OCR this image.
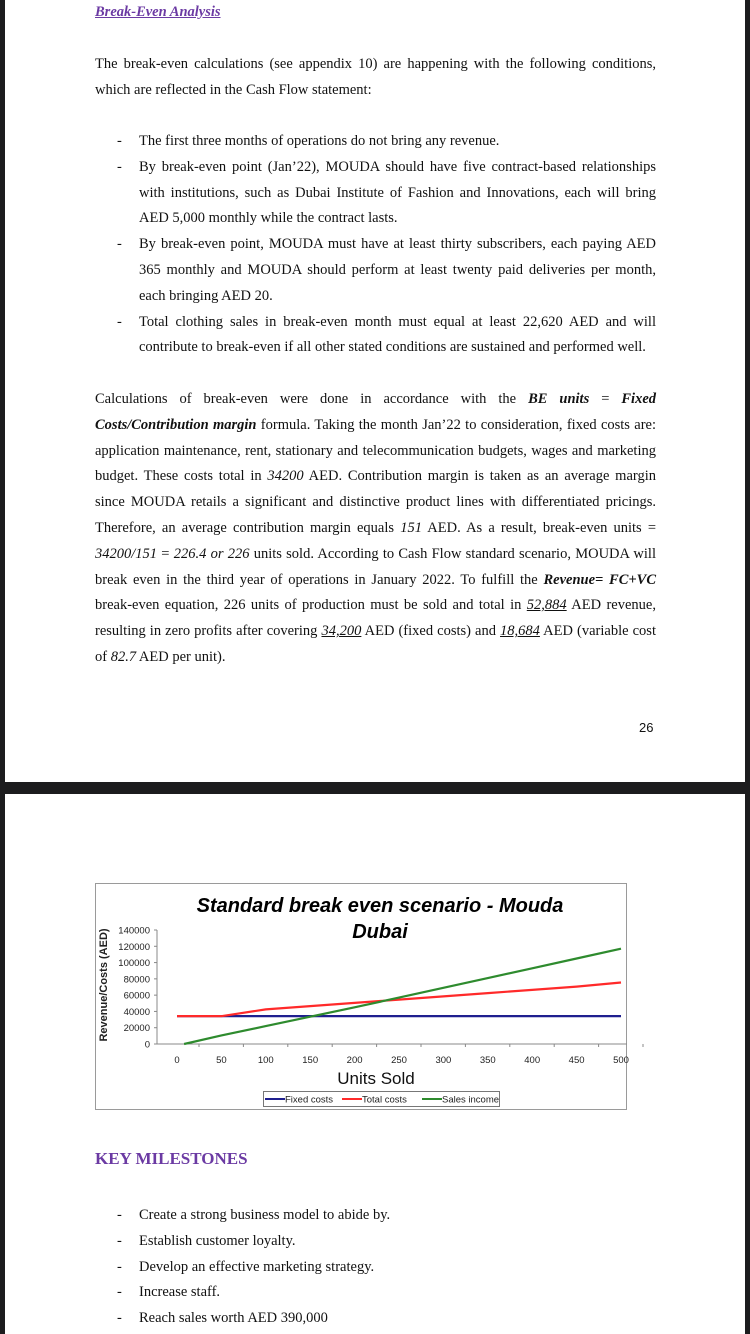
Break-Even Analysis
The break-even calculations (see appendix 10) are happening with the following conditions, which are reflected in the Cash Flow statement:
- The first three months of operations do not bring any revenue.
- By break-even point (Jan’22), MOUDA should have five contract-based relationships with institutions, such as Dubai Institute of Fashion and Innovations, each will bring AED 5,000 monthly while the contract lasts.
- By break-even point, MOUDA must have at least thirty subscribers, each paying AED 365 monthly and MOUDA should perform at least twenty paid deliveries per month, each bringing AED 20.
- Total clothing sales in break-even month must equal at least 22,620 AED and will contribute to break-even if all other stated conditions are sustained and performed well.
Calculations of break-even were done in accordance with the BE units = Fixed Costs/Contribution margin formula. Taking the month Jan’22 to consideration, fixed costs are: application maintenance, rent, stationary and telecommunication budgets, wages and marketing budget. These costs total in 34200 AED. Contribution margin is taken as an average margin since MOUDA retails a significant and distinctive product lines with differentiated pricings. Therefore, an average contribution margin equals 151 AED. As a result, break-even units = 34200/151 = 226.4 or 226 units sold. According to Cash Flow standard scenario, MOUDA will break even in the third year of operations in January 2022. To fulfill the Revenue= FC+VC break-even equation, 226 units of production must be sold and total in 52,884 AED revenue, resulting in zero profits after covering 34,200 AED (fixed costs) and 18,684 AED (variable cost of 82.7 AED per unit).
26
Standard break even scenario - Mouda
Dubai
Revenue/Costs (AED)
0
20000
40000
60000
80000
100000
120000
140000
0	50	100	150	200	250	300	350	400	450	500
Units Sold
Fixed costs	Total costs	Sales income
KEY MILESTONES
- Create a strong business model to abide by.
- Establish customer loyalty.
- Develop an effective marketing strategy.
- Increase staff.
- Reach sales worth AED 390,000
